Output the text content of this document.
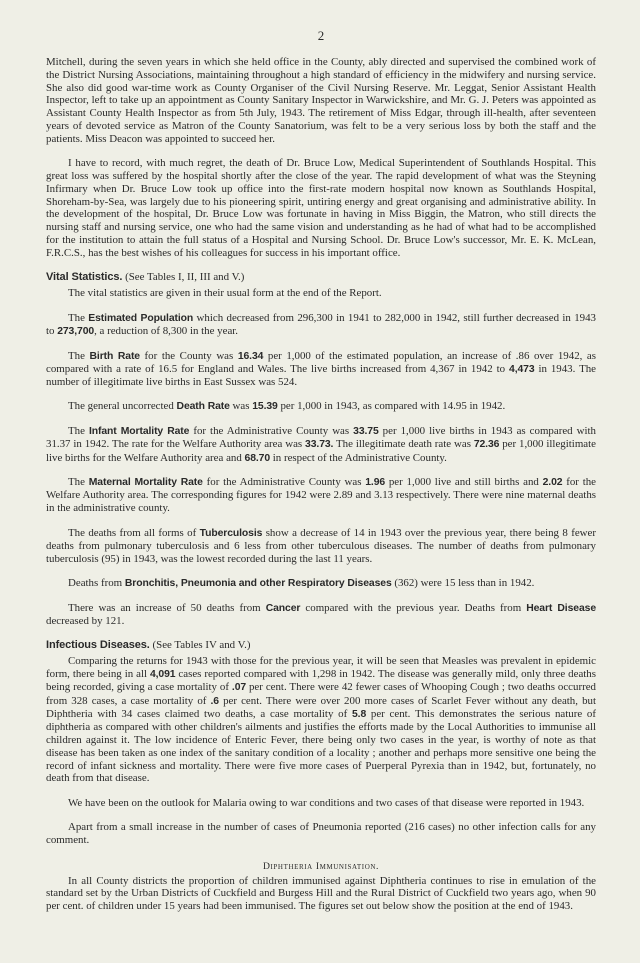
2

Mitchell, during the seven years in which she held office in the County, ably directed and supervised the combined work of the District Nursing Associations, maintaining throughout a high standard of efficiency in the midwifery and nursing service. She also did good war-time work as County Organiser of the Civil Nursing Reserve. Mr. Leggat, Senior Assistant Health Inspector, left to take up an appointment as County Sanitary Inspector in Warwickshire, and Mr. G. J. Peters was appointed as Assistant County Health Inspector as from 5th July, 1943. The retirement of Miss Edgar, through ill-health, after seventeen years of devoted service as Matron of the County Sanatorium, was felt to be a very serious loss by both the staff and the patients. Miss Deacon was appointed to succeed her.

I have to record, with much regret, the death of Dr. Bruce Low, Medical Superintendent of Southlands Hospital. This great loss was suffered by the hospital shortly after the close of the year. The rapid development of what was the Steyning Infirmary when Dr. Bruce Low took up office into the first-rate modern hospital now known as Southlands Hospital, Shoreham-by-Sea, was largely due to his pioneering spirit, untiring energy and great organising and administrative ability. In the development of the hospital, Dr. Bruce Low was fortunate in having in Miss Biggin, the Matron, who still directs the nursing staff and nursing service, one who had the same vision and understanding as he had of what had to be accomplished for the institution to attain the full status of a Hospital and Nursing School. Dr. Bruce Low's successor, Mr. E. K. McLean, F.R.C.S., has the best wishes of his colleagues for success in his important office.

Vital Statistics. (See Tables I, II, III and V.)

The vital statistics are given in their usual form at the end of the Report.

The Estimated Population which decreased from 296,300 in 1941 to 282,000 in 1942, still further decreased in 1943 to 273,700, a reduction of 8,300 in the year.

The Birth Rate for the County was 16.34 per 1,000 of the estimated population, an increase of .86 over 1942, as compared with a rate of 16.5 for England and Wales. The live births increased from 4,367 in 1942 to 4,473 in 1943. The number of illegitimate live births in East Sussex was 524.

The general uncorrected Death Rate was 15.39 per 1,000 in 1943, as compared with 14.95 in 1942.

The Infant Mortality Rate for the Administrative County was 33.75 per 1,000 live births in 1943 as compared with 31.37 in 1942. The rate for the Welfare Authority area was 33.73. The illegitimate death rate was 72.36 per 1,000 illegitimate live births for the Welfare Authority area and 68.70 in respect of the Administrative County.

The Maternal Mortality Rate for the Administrative County was 1.96 per 1,000 live and still births and 2.02 for the Welfare Authority area. The corresponding figures for 1942 were 2.89 and 3.13 respectively. There were nine maternal deaths in the administrative county.

The deaths from all forms of Tuberculosis show a decrease of 14 in 1943 over the previous year, there being 8 fewer deaths from pulmonary tuberculosis and 6 less from other tuberculous diseases. The number of deaths from pulmonary tuberculosis (95) in 1943, was the lowest recorded during the last 11 years.

Deaths from Bronchitis, Pneumonia and other Respiratory Diseases (362) were 15 less than in 1942.

There was an increase of 50 deaths from Cancer compared with the previous year. Deaths from Heart Disease decreased by 121.

Infectious Diseases. (See Tables IV and V.)

Comparing the returns for 1943 with those for the previous year, it will be seen that Measles was prevalent in epidemic form, there being in all 4,091 cases reported compared with 1,298 in 1942. The disease was generally mild, only three deaths being recorded, giving a case mortality of .07 per cent. There were 42 fewer cases of Whooping Cough ; two deaths occurred from 328 cases, a case mortality of .6 per cent. There were over 200 more cases of Scarlet Fever without any death, but Diphtheria with 34 cases claimed two deaths, a case mortality of 5.8 per cent. This demonstrates the serious nature of diphtheria as compared with other children's ailments and justifies the efforts made by the Local Authorities to immunise all children against it. The low incidence of Enteric Fever, there being only two cases in the year, is worthy of note as that disease has been taken as one index of the sanitary condition of a locality ; another and perhaps more sensitive one being the record of infant sickness and mortality. There were five more cases of Puerperal Pyrexia than in 1942, but, fortunately, no death from that disease.

We have been on the outlook for Malaria owing to war conditions and two cases of that disease were reported in 1943.

Apart from a small increase in the number of cases of Pneumonia reported (216 cases) no other infection calls for any comment.

Diphtheria Immunisation.

In all County districts the proportion of children immunised against Diphtheria continues to rise in emulation of the standard set by the Urban Districts of Cuckfield and Burgess Hill and the Rural District of Cuckfield two years ago, when 90 per cent. of children under 15 years had been immunised. The figures set out below show the position at the end of 1943.
